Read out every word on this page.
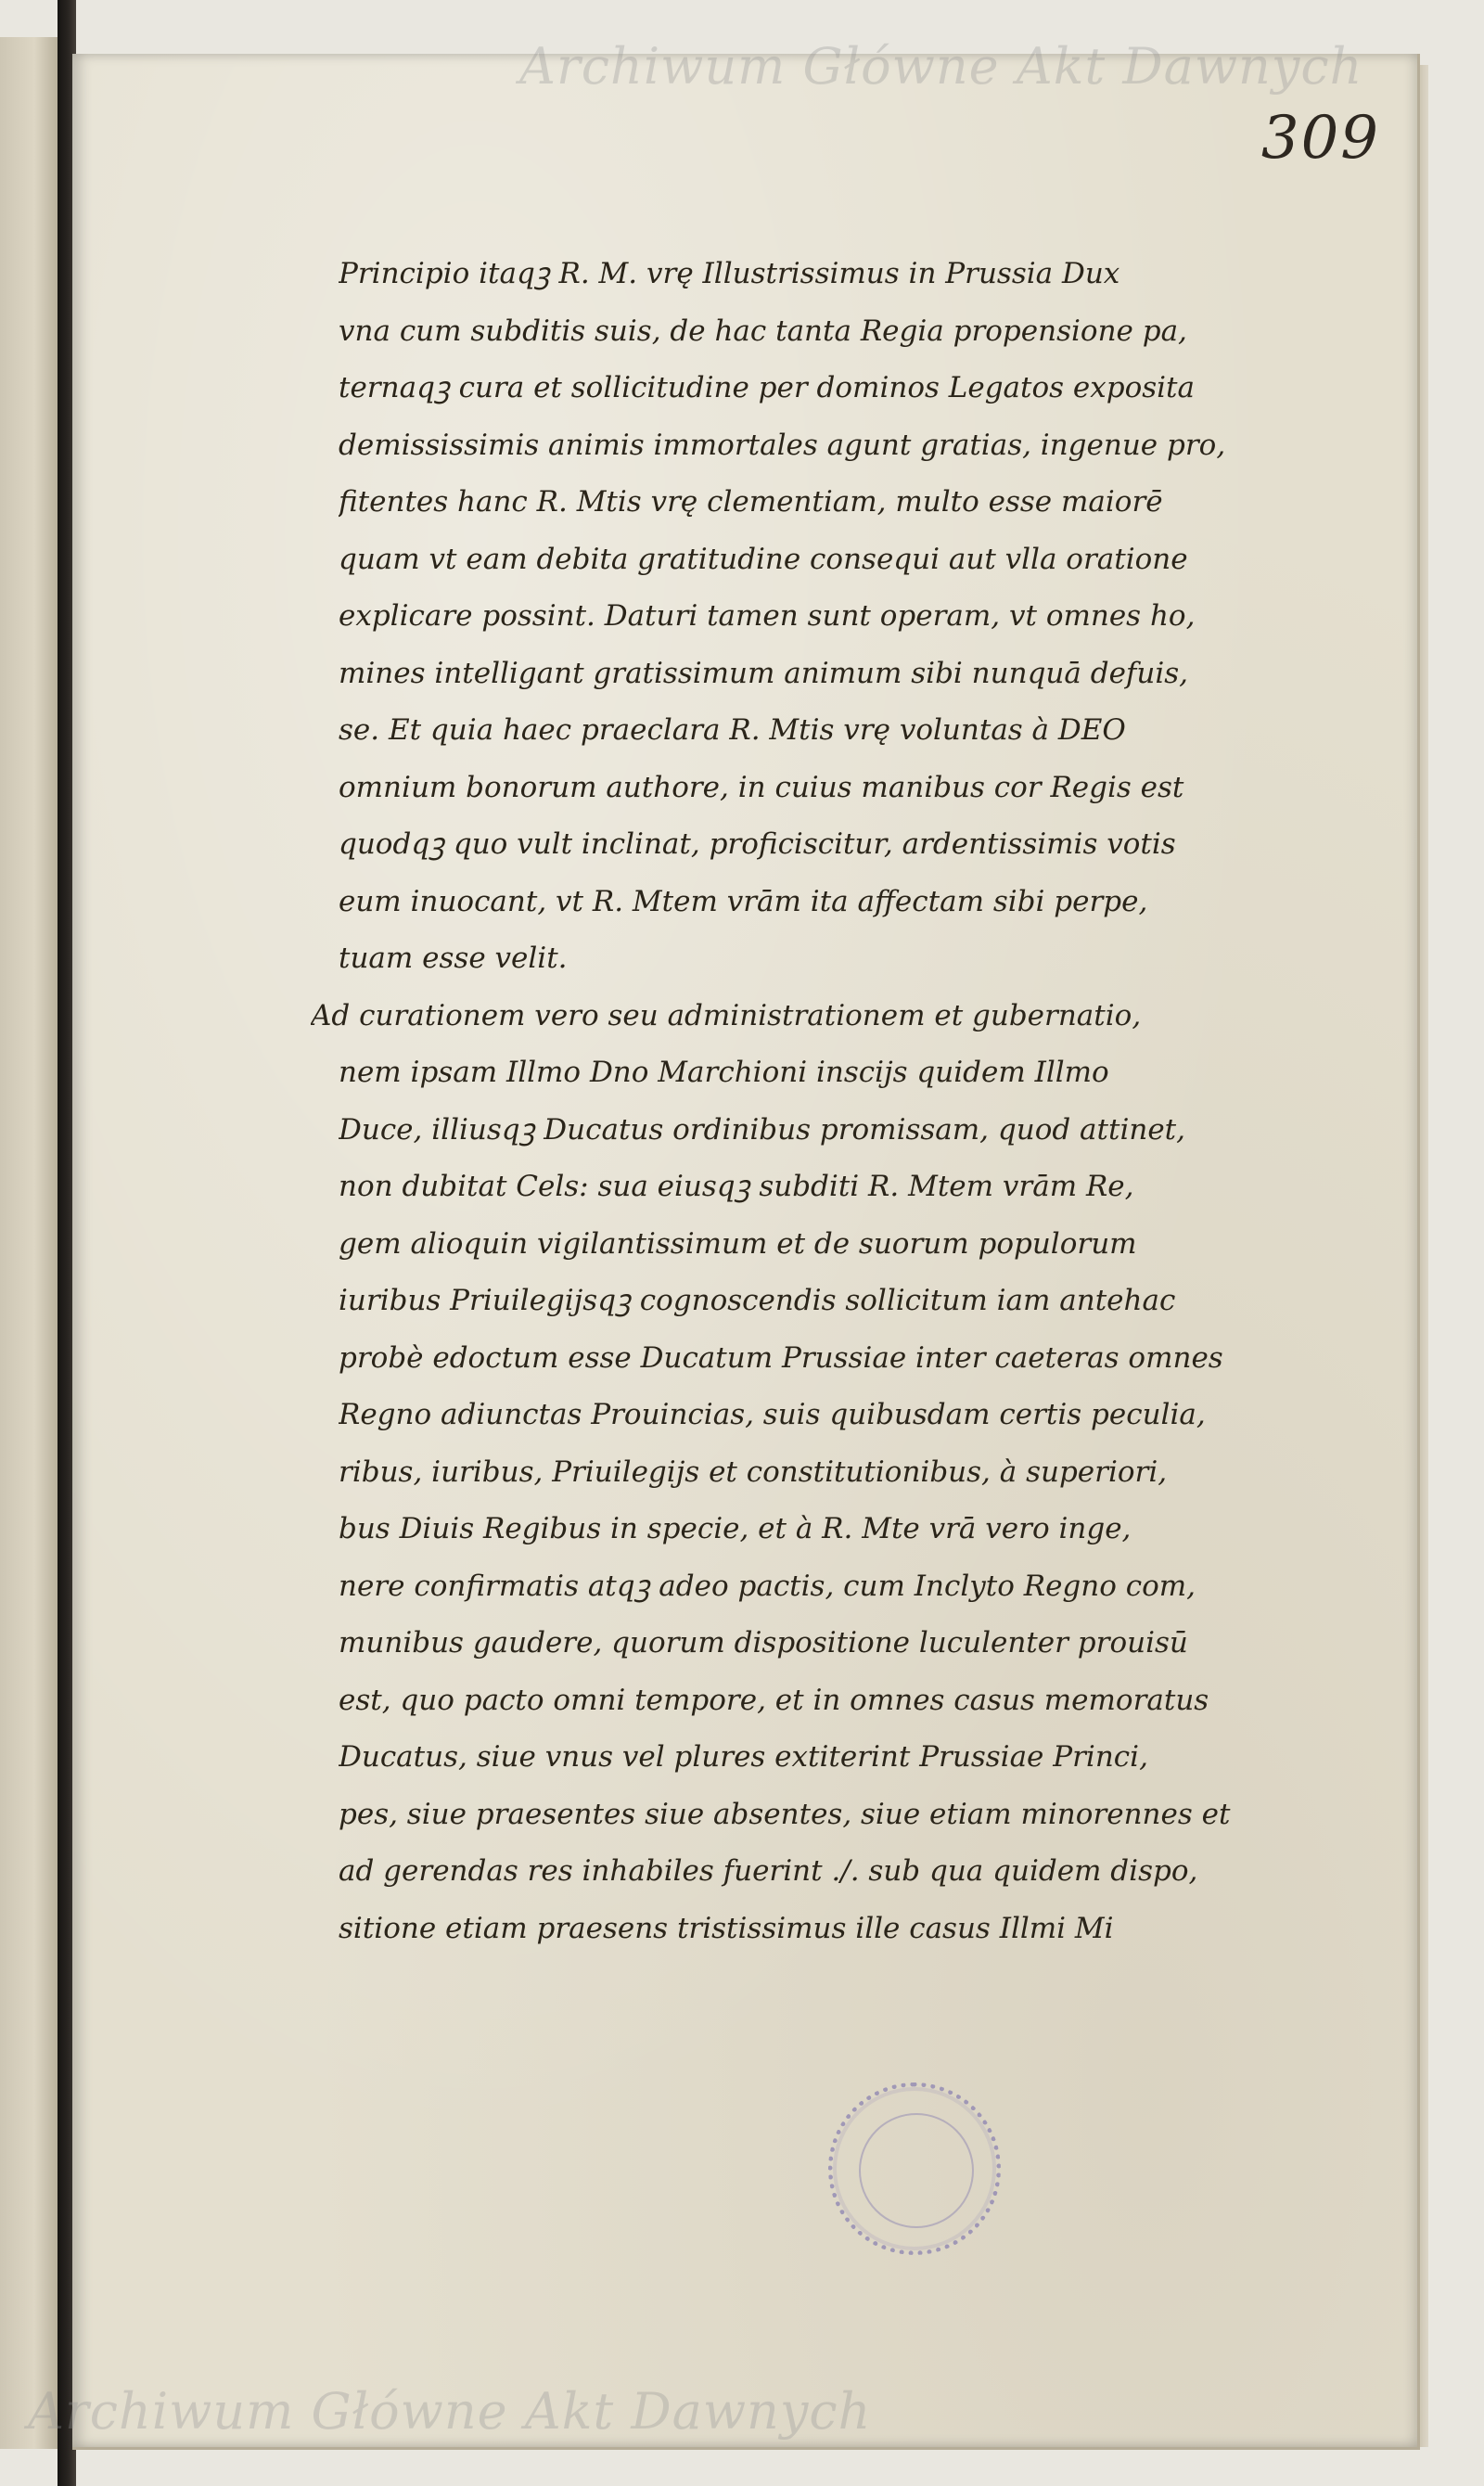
Archiwum Główne Akt Dawnych
Archiwum Główne Akt Dawnych
309
Principio itaqꝫ R. M. vrę Illustrissimus in Prussia Dux
vna cum subditis suis, de hac tanta Regia propensione pa,
ternaqꝫ cura et sollicitudine per dominos Legatos exposita
demississimis animis immortales agunt gratias, ingenue pro,
fitentes hanc R. Mtis vrę clementiam, multo esse maiorē
quam vt eam debita gratitudine consequi aut vlla oratione
explicare possint. Daturi tamen sunt operam, vt omnes ho,
mines intelligant gratissimum animum sibi nunquā defuis,
se. Et quia haec praeclara R. Mtis vrę voluntas à DEO
omnium bonorum authore, in cuius manibus cor Regis est
quodqꝫ quo vult inclinat, proficiscitur, ardentissimis votis
eum inuocant, vt R. Mtem vrām ita affectam sibi perpe,
tuam esse velit.
Ad curationem vero seu administrationem et gubernatio,
nem ipsam Illmo Dno Marchioni inscijs quidem Illmo
Duce, illiusqꝫ Ducatus ordinibus promissam, quod attinet,
non dubitat Cels: sua eiusqꝫ subditi R. Mtem vrām Re,
gem alioquin vigilantissimum et de suorum populorum
iuribus Priuilegijsqꝫ cognoscendis sollicitum iam antehac
probè edoctum esse Ducatum Prussiae inter caeteras omnes
Regno adiunctas Prouincias, suis quibusdam certis peculia,
ribus, iuribus, Priuilegijs et constitutionibus, à superiori,
bus Diuis Regibus in specie, et à R. Mte vrā vero inge,
nere confirmatis atqꝫ adeo pactis, cum Inclyto Regno com,
munibus gaudere, quorum dispositione luculenter prouisū
est, quo pacto omni tempore, et in omnes casus memoratus
Ducatus, siue vnus vel plures extiterint Prussiae Princi,
pes, siue praesentes siue absentes, siue etiam minorennes et
ad gerendas res inhabiles fuerint ./. sub qua quidem dispo,
sitione etiam praesens tristissimus ille casus Illmi Mi
